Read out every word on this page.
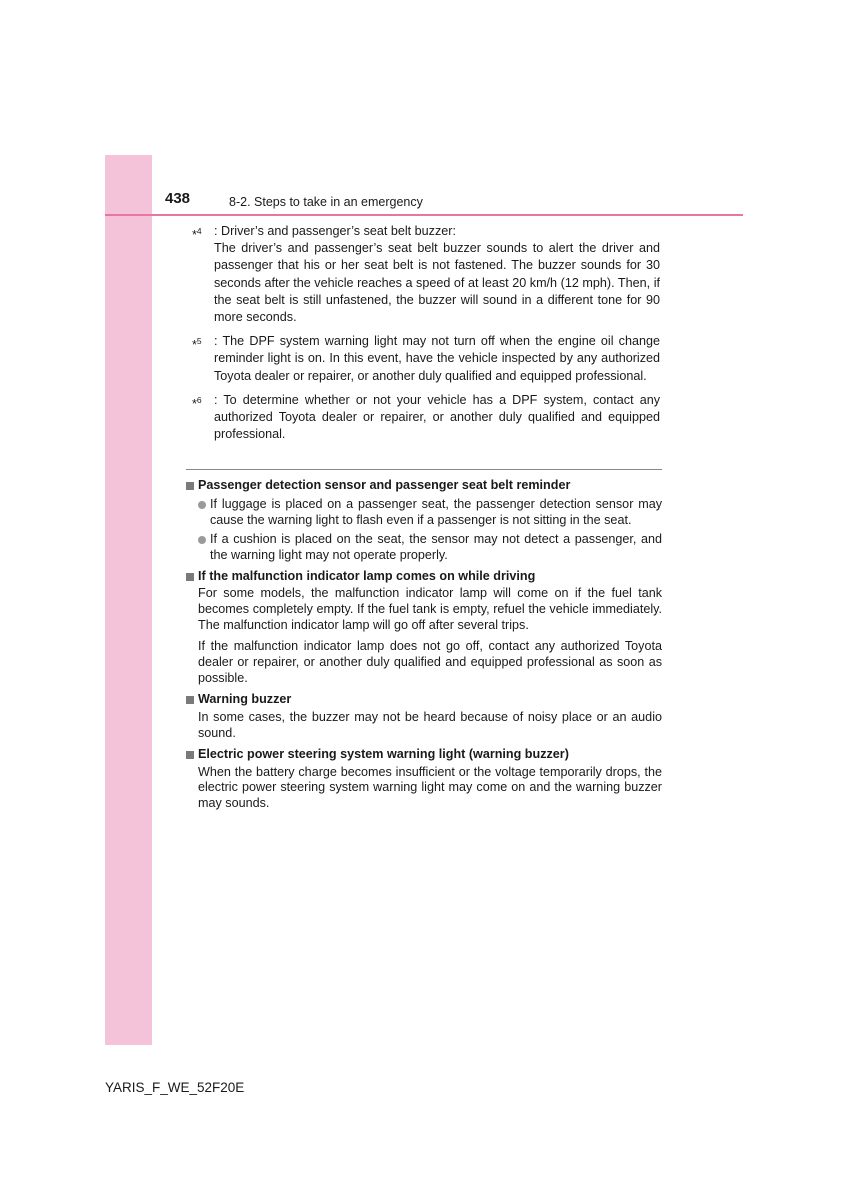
438	8-2. Steps to take in an emergency
*$^4$ : Driver’s and passenger’s seat belt buzzer:
The driver’s and passenger’s seat belt buzzer sounds to alert the driver and passenger that his or her seat belt is not fastened. The buzzer sounds for 30 seconds after the vehicle reaches a speed of at least 20 km/h (12 mph). Then, if the seat belt is still unfastened, the buzzer will sound in a different tone for 90 more seconds.
*$^5$ : The DPF system warning light may not turn off when the engine oil change reminder light is on. In this event, have the vehicle inspected by any authorized Toyota dealer or repairer, or another duly qualified and equipped professional.
*$^6$ : To determine whether or not your vehicle has a DPF system, contact any authorized Toyota dealer or repairer, or another duly qualified and equipped professional.
Passenger detection sensor and passenger seat belt reminder
If luggage is placed on a passenger seat, the passenger detection sensor may cause the warning light to flash even if a passenger is not sitting in the seat.
If a cushion is placed on the seat, the sensor may not detect a passenger, and the warning light may not operate properly.
If the malfunction indicator lamp comes on while driving
For some models, the malfunction indicator lamp will come on if the fuel tank becomes completely empty. If the fuel tank is empty, refuel the vehicle immediately. The malfunction indicator lamp will go off after several trips.
If the malfunction indicator lamp does not go off, contact any authorized Toyota dealer or repairer, or another duly qualified and equipped professional as soon as possible.
Warning buzzer
In some cases, the buzzer may not be heard because of noisy place or an audio sound.
Electric power steering system warning light (warning buzzer)
When the battery charge becomes insufficient or the voltage temporarily drops, the electric power steering system warning light may come on and the warning buzzer may sounds.
YARIS_F_WE_52F20E
